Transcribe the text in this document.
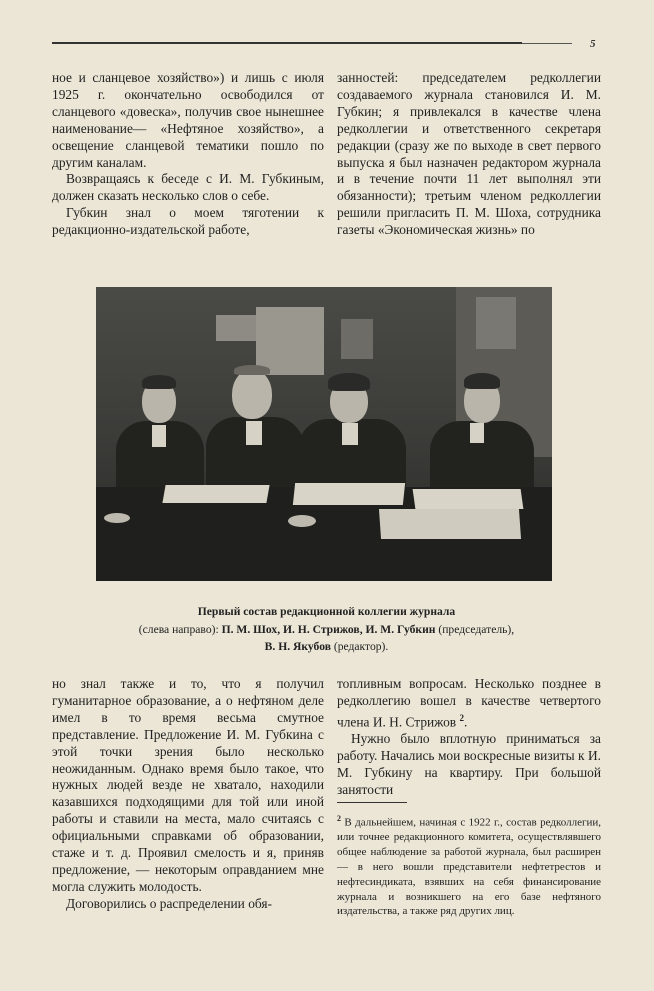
5

ное и сланцевое хозяйство») и лишь с июля 1925 г. окончательно освободился от сланцевого «довеска», получив свое нынешнее наименование— «Нефтяное хозяйство», а освещение сланцевой тематики пошло по другим каналам.

Возвращаясь к беседе с И. М. Губкиным, должен сказать несколько слов о себе.

Губкин знал о моем тяготении к редакционно-издательской работе,

занностей: председателем редколлегии создаваемого журнала становился И. М. Губкин; я привлекался в качестве члена редколлегии и ответственного секретаря редакции (сразу же по выходе в свет первого выпуска я был назначен редактором журнала и в течение почти 11 лет выполнял эти обязанности); третьим членом редколлегии решили пригласить П. М. Шоха, сотрудника газеты «Экономическая жизнь» по

Первый состав редакционной коллегии журнала
(слева направо): П. М. Шох, И. Н. Стрижов, И. М. Губкин (председатель),
В. Н. Якубов (редактор).

но знал также и то, что я получил гуманитарное образование, а о нефтяном деле имел в то время весьма смутное представление. Предложение И. М. Губкина с этой точки зрения было несколько неожиданным. Однако время было такое, что нужных людей везде не хватало, находили казавшихся подходящими для той или иной работы и ставили на места, мало считаясь с официальными справками об образовании, стаже и т. д. Проявил смелость и я, приняв предложение, — некоторым оправданием мне могла служить молодость.

Договорились о распределении обя-

топливным вопросам. Несколько позднее в редколлегию вошел в качестве четвертого члена И. Н. Стрижов $^2$.

Нужно было вплотную приниматься за работу. Начались мои воскресные визиты к И. М. Губкину на квартиру. При большой занятости

$^2$ В дальнейшем, начиная с 1922 г., состав редколлегии, или точнее редакционного комитета, осуществлявшего общее наблюдение за работой журнала, был расширен — в него вошли представители нефтетрестов и нефтесиндиката, взявших на себя финансирование журнала и возникшего на его базе нефтяного издательства, а также ряд других лиц.
